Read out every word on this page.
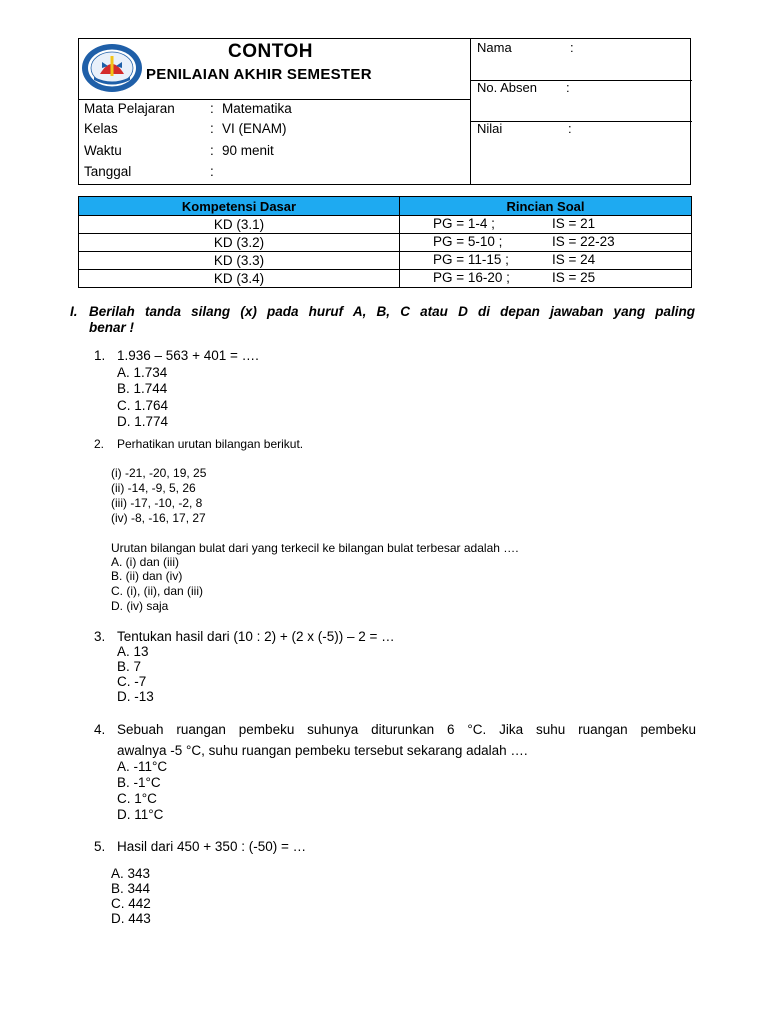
CONTOH
PENILAIAN AKHIR SEMESTER
Mata Pelajaran	: Matematika
Kelas	: VI (ENAM)
Waktu	: 90 menit
Tanggal	:
Nama	:
No. Absen :
Nilai	:
Kompetensi Dasar	Rincian Soal
KD (3.1)	PG = 1-4 ; IS = 21

KD (3.2)	PG = 5-10 ; IS = 22-23

KD (3.3)	PG = 11-15 ; IS = 24

KD (3.4)	PG = 16-20 ; IS = 25
I. Berilah tanda silang (x) pada huruf A, B, C atau D di depan jawaban yang paling
benar !
1. 1.936 – 563 + 401 = ….
A. 1.734
B. 1.744
C. 1.764
D. 1.774
2. Perhatikan urutan bilangan berikut.
(i) -21, -20, 19, 25
(ii) -14, -9, 5, 26
(iii) -17, -10, -2, 8
(iv) -8, -16, 17, 27
Urutan bilangan bulat dari yang terkecil ke bilangan bulat terbesar adalah ….
A. (i) dan (iii)
B. (ii) dan (iv)
C. (i), (ii), dan (iii)
D. (iv) saja
3. Tentukan hasil dari (10 : 2) + (2 x (-5)) – 2 = …
A. 13
B. 7
C. -7
D. -13
4. Sebuah ruangan pembeku suhunya diturunkan 6 °C. Jika suhu ruangan pembeku
awalnya -5 °C, suhu ruangan pembeku tersebut sekarang adalah ….
A. -11°C
B. -1°C
C. 1°C
D. 11°C
5. Hasil dari 450 + 350 : (-50) = …
A. 343
B. 344
C. 442
D. 443
